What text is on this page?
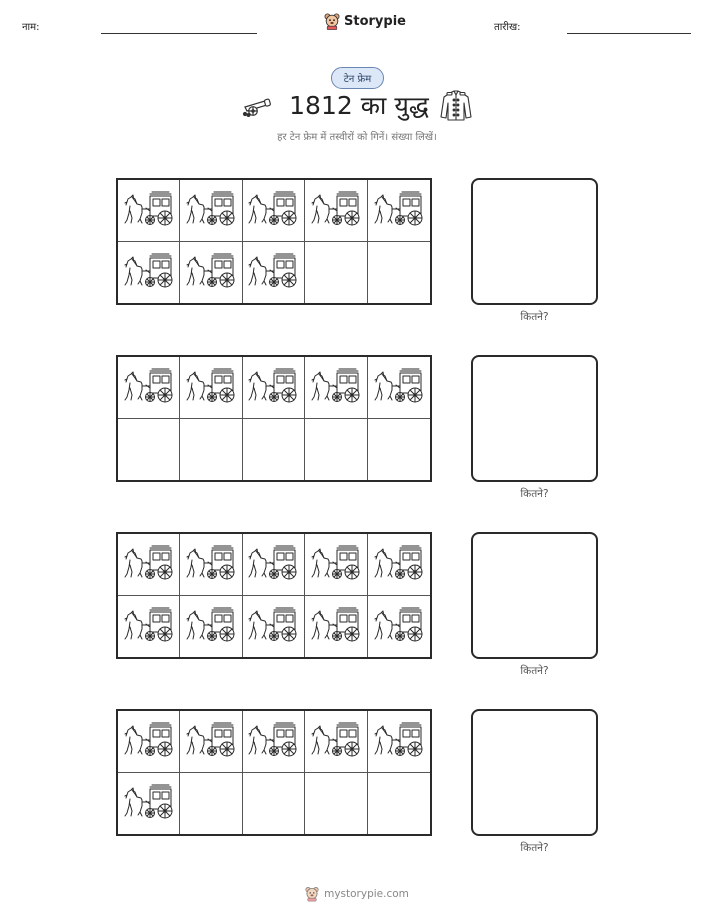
नाम:	Storypie	तारीख:
टेन फ्रेम
1812 का युद्ध
हर टेन फ्रेम में तस्वीरों को गिनें। संख्या लिखें।
कितने?
कितने?
कितने?
कितने?
mystorypie.com
